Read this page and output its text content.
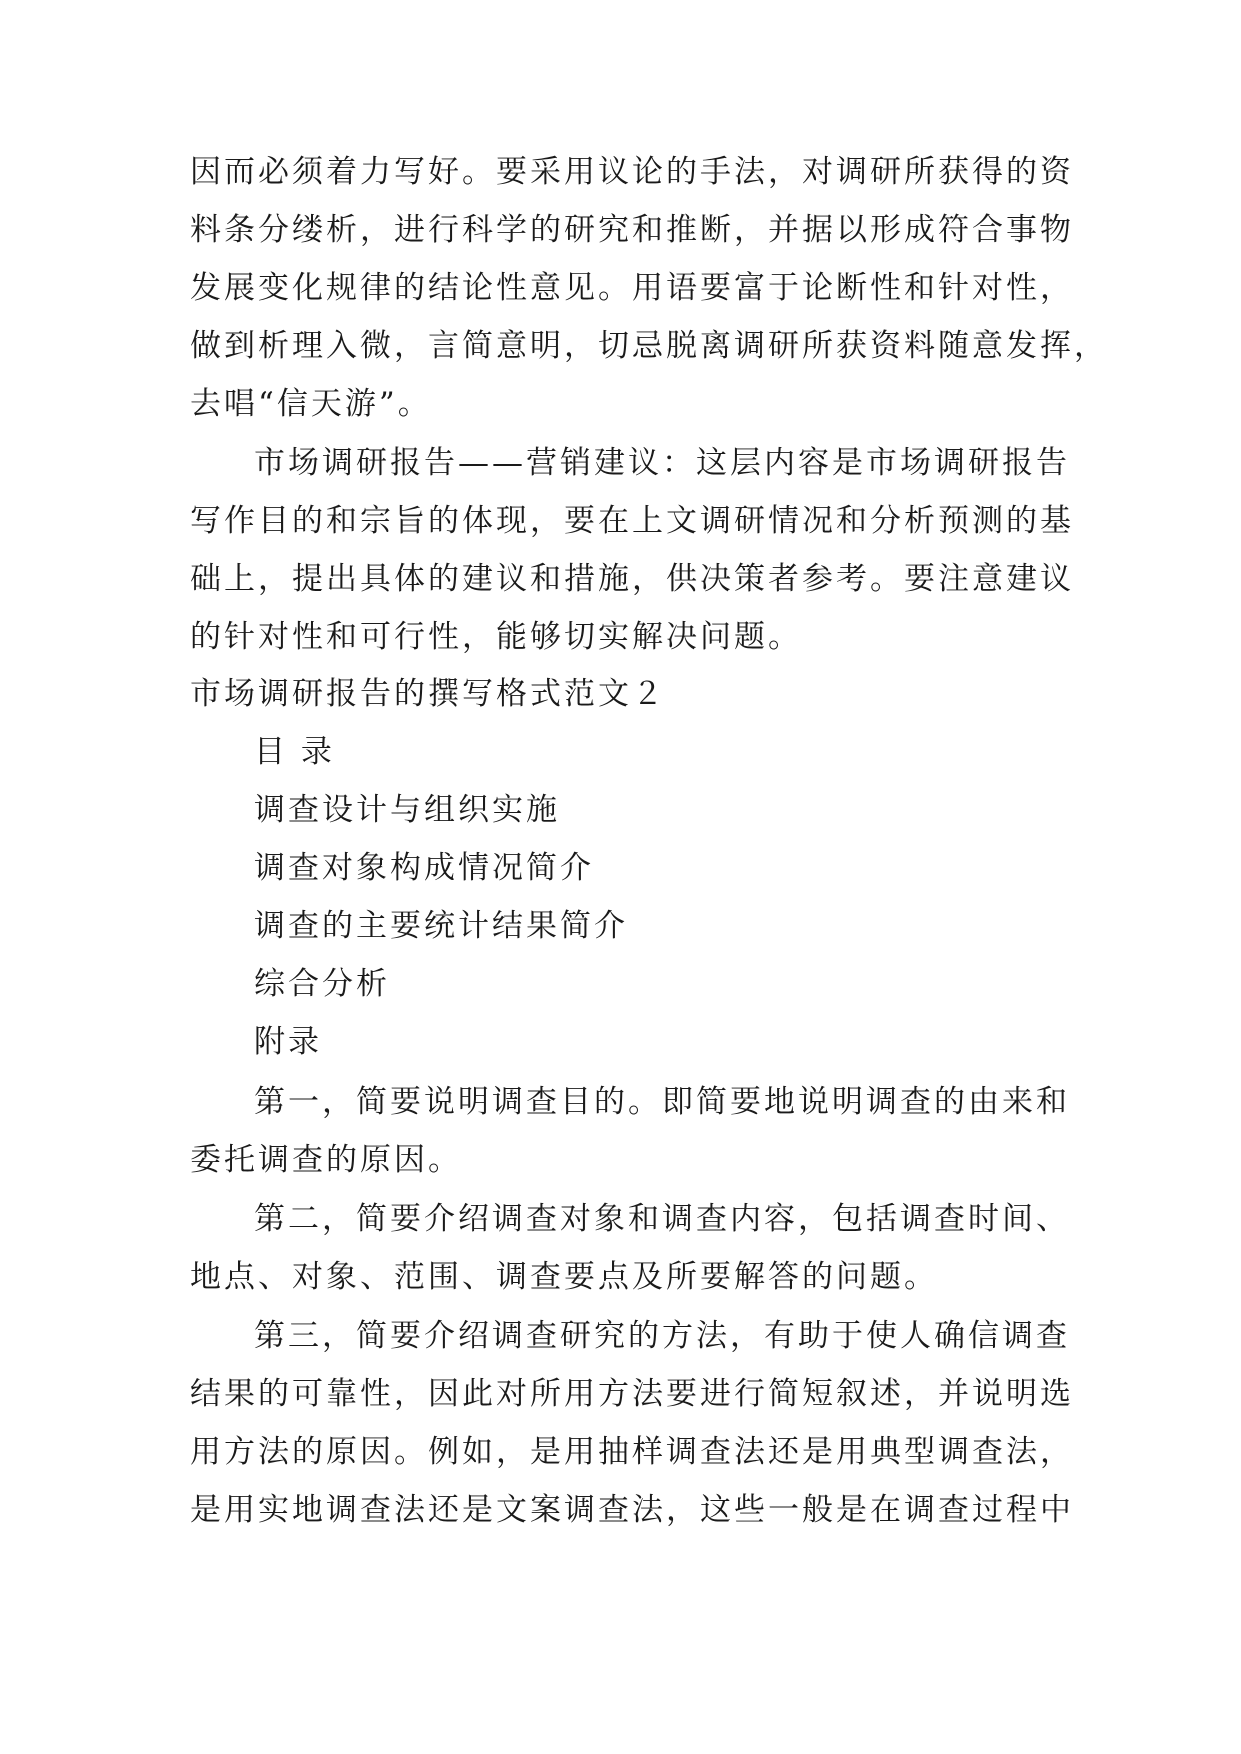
因而必须着力写好。要采用议论的手法，对调研所获得的资
料条分缕析，进行科学的研究和推断，并据以形成符合事物
发展变化规律的结论性意见。用语要富于论断性和针对性，
做到析理入微，言简意明，切忌脱离调研所获资料随意发挥，
去唱“信天游”。
市场调研报告——营销建议：这层内容是市场调研报告
写作目的和宗旨的体现，要在上文调研情况和分析预测的基
础上，提出具体的建议和措施，供决策者参考。要注意建议
的针对性和可行性，能够切实解决问题。
市场调研报告的撰写格式范文２
目 录
调查设计与组织实施
调查对象构成情况简介
调查的主要统计结果简介
综合分析
附录
第一，简要说明调查目的。即简要地说明调查的由来和
委托调查的原因。
第二，简要介绍调查对象和调查内容，包括调查时间、
地点、对象、范围、调查要点及所要解答的问题。
第三，简要介绍调查研究的方法，有助于使人确信调查
结果的可靠性，因此对所用方法要进行简短叙述，并说明选
用方法的原因。例如，是用抽样调查法还是用典型调查法，
是用实地调查法还是文案调查法，这些一般是在调查过程中
